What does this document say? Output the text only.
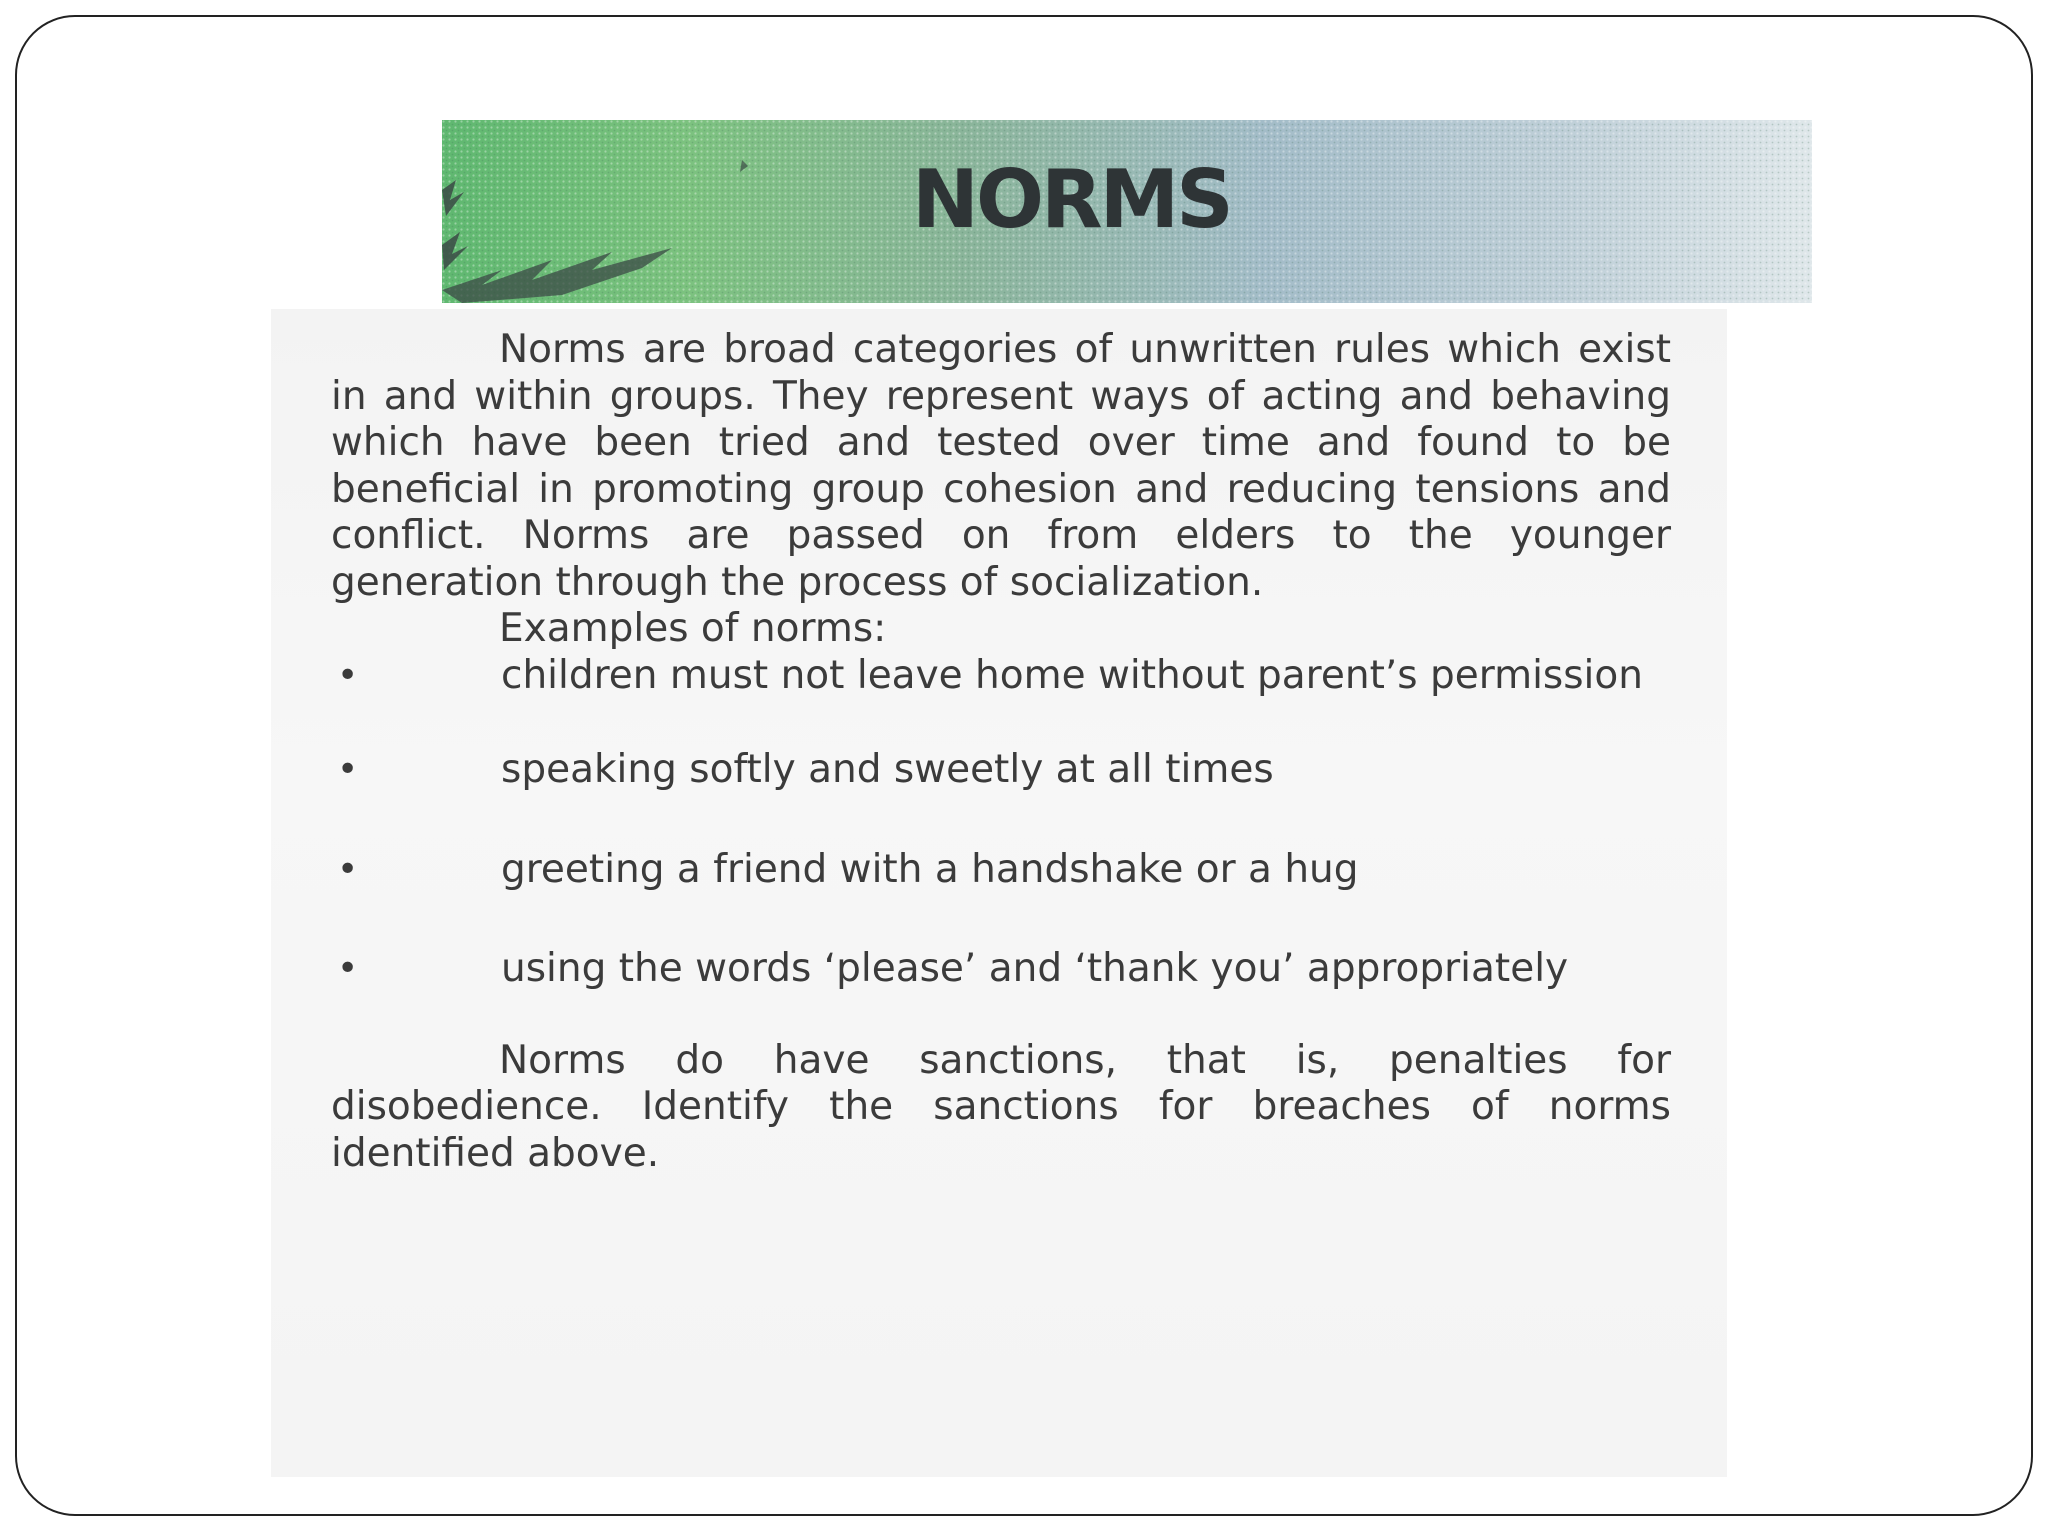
NORMS

Norms are broad categories of unwritten rules which exist in and within groups. They represent ways of acting and behaving which have been tried and tested over time and found to be beneficial in promoting group cohesion and reducing tensions and conflict. Norms are passed on from elders to the younger generation through the process of socialization.

Examples of norms:

•	children must not leave home without parent’s permission
•	speaking softly and sweetly at all times
•	greeting a friend with a handshake or a hug
•	using the words ‘please’ and ‘thank you’ appropriately

Norms do have sanctions, that is, penalties for disobedience. Identify the sanctions for breaches of norms identified above.
